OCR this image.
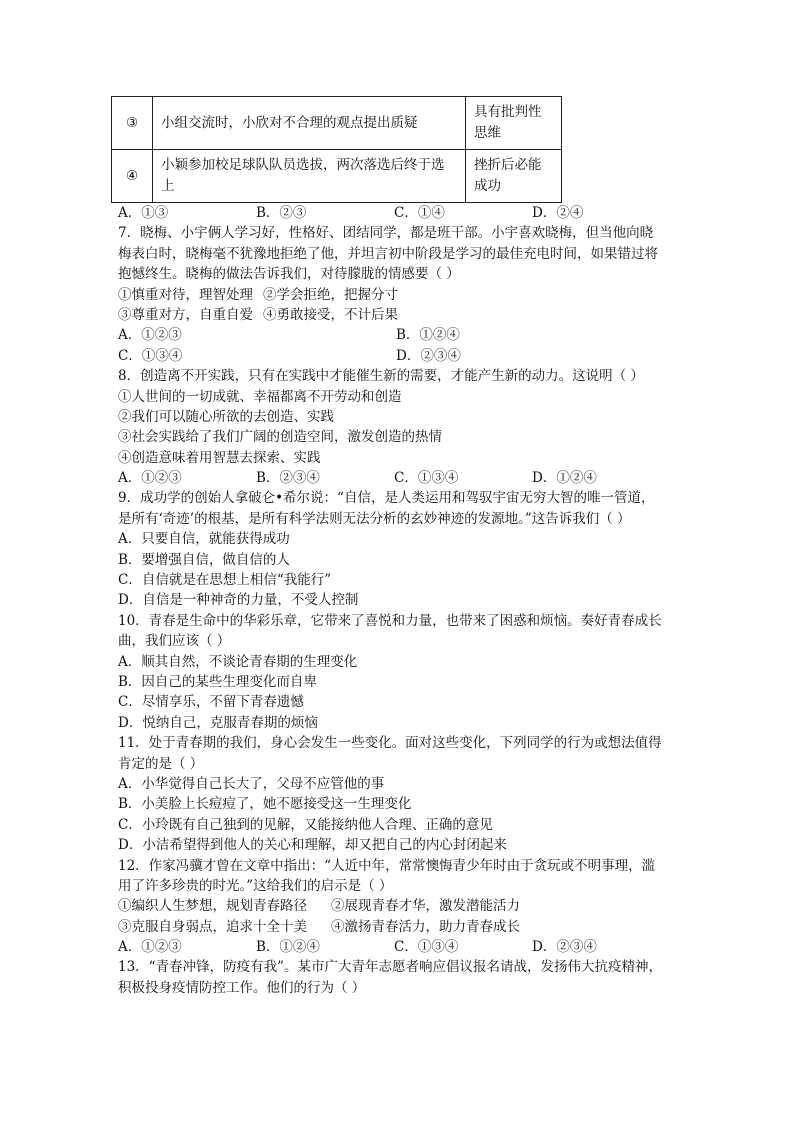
③	小组交流时，小欣对不合理的观点提出质疑	具有批判性思维
④	小颖参加校足球队队员选拔，两次落选后终于选上	挫折后必能成功
A．①③	B．②③	C．①④	D．②④
7．晓梅、小宇俩人学习好，性格好、团结同学，都是班干部。小宇喜欢晓梅，但当他向晓
梅表白时，晓梅毫不犹豫地拒绝了他，并坦言初中阶段是学习的最佳充电时间，如果错过将
抱憾终生。晓梅的做法告诉我们，对待朦胧的情感要（ ）
①慎重对待，理智处理 ②学会拒绝，把握分寸
③尊重对方，自重自爱 ④勇敢接受，不计后果
A．①②③	B．①②④
C．①③④	D．②③④
8．创造离不开实践，只有在实践中才能催生新的需要，才能产生新的动力。这说明（ ）
①人世间的一切成就、幸福都离不开劳动和创造
②我们可以随心所欲的去创造、实践
③社会实践给了我们广阔的创造空间，激发创造的热情
④创造意味着用智慧去探索、实践
A．①②③	B．②③④	C．①③④	D．①②④
9．成功学的创始人拿破仑•希尔说：“自信，是人类运用和驾驭宇宙无穷大智的唯一管道，
是所有‘奇迹’的根基，是所有科学法则无法分析的玄妙神迹的发源地。”这告诉我们（ ）
A．只要自信，就能获得成功
B．要增强自信，做自信的人
C．自信就是在思想上相信“我能行”
D．自信是一种神奇的力量，不受人控制
10．青春是生命中的华彩乐章，它带来了喜悦和力量，也带来了困惑和烦恼。奏好青春成长
曲，我们应该（ ）
A．顺其自然，不谈论青春期的生理变化
B．因自己的某些生理变化而自卑
C．尽情享乐，不留下青春遗憾
D．悦纳自己，克服青春期的烦恼
11．处于青春期的我们，身心会发生一些变化。面对这些变化，下列同学的行为或想法值得
肯定的是（ ）
A．小华觉得自己长大了，父母不应管他的事
B．小美脸上长痘痘了，她不愿接受这一生理变化
C．小玲既有自己独到的见解，又能接纳他人合理、正确的意见
D．小洁希望得到他人的关心和理解，却又把自己的内心封闭起来
12．作家冯骥才曾在文章中指出：“人近中年，常常懊悔青少年时由于贪玩或不明事理，滥
用了许多珍贵的时光。”这给我们的启示是（ ）
①编织人生梦想，规划青春路径 ②展现青春才华，激发潜能活力
③克服自身弱点，追求十全十美 ④激扬青春活力，助力青春成长
A．①②③	B．①②④	C．①③④	D．②③④
13．“青春冲锋，防疫有我”。某市广大青年志愿者响应倡议报名请战，发扬伟大抗疫精神，
积极投身疫情防控工作。他们的行为（ ）
